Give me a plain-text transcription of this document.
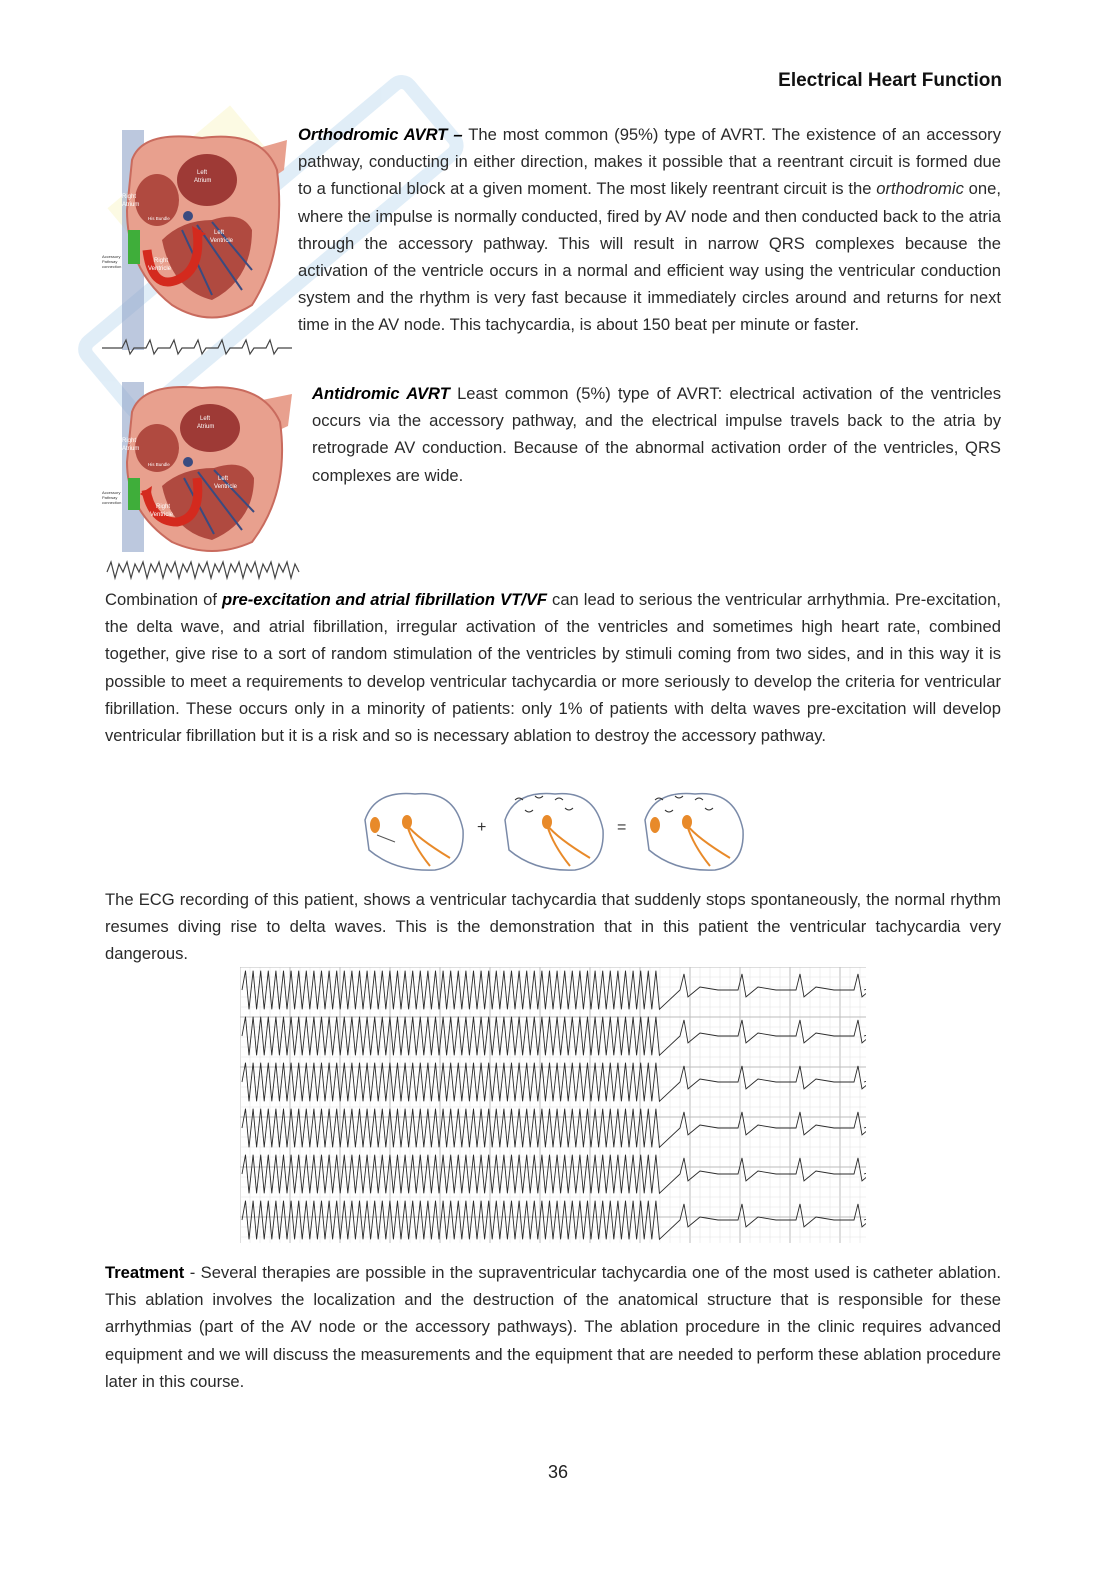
Electrical Heart Function
Left
Atrium
Right
Atrium
His Bundle
Left
Ventricle
Right
Ventricle
Accessory
Pathway
connection

Orthodromic AVRT – The most common (95%) type of AVRT. The existence of an accessory pathway, conducting in either direction, makes it possible that a reentrant circuit is formed due to a functional block at a given moment. The most likely reentrant circuit is the orthodromic one, where the impulse is normally conducted, fired by AV node and then conducted back to the atria through the accessory pathway. This will result in narrow QRS complexes because the activation of the ventricle occurs in a normal and efficient way using the ventricular conduction system and the rhythm is very fast because it immediately circles around and returns for next time in the AV node. This tachycardia, is about 150 beat per minute or faster.

Left
Atrium
Right
Atrium
His Bundle
Left
Ventricle
Right
Ventricle
Accessory
Pathway
connection

Antidromic AVRT Least common (5%) type of AVRT: electrical activation of the ventricles occurs via the accessory pathway, and the electrical impulse travels back to the atria by retrograde AV conduction. Because of the abnormal activation order of the ventricles, QRS complexes are wide.

Combination of pre-excitation and atrial fibrillation VT/VF can lead to serious the ventricular arrhythmia. Pre-excitation, the delta wave, and atrial fibrillation, irregular activation of the ventricles and sometimes high heart rate, combined together, give rise to a sort of random stimulation of the ventricles by stimuli coming from two sides, and in this way it is possible to meet a requirements to develop ventricular tachycardia or more seriously to develop the criteria for ventricular fibrillation. These occurs only in a minority of patients: only 1% of patients with delta waves pre-excitation will develop ventricular fibrillation but it is a risk and so is necessary ablation to destroy the accessory pathway.

+	=

The ECG recording of this patient, shows a ventricular tachycardia that suddenly stops spontaneously, the normal rhythm resumes diving rise to delta waves. This is the demonstration that in this patient the ventricular tachycardia very dangerous.

Treatment - Several therapies are possible in the supraventricular tachycardia one of the most used is catheter ablation. This ablation involves the localization and the destruction of the anatomical structure that is responsible for these arrhythmias (part of the AV node or the accessory pathways). The ablation procedure in the clinic requires advanced equipment and we will discuss the measurements and the equipment that are needed to perform these ablation procedure later in this course.

36
